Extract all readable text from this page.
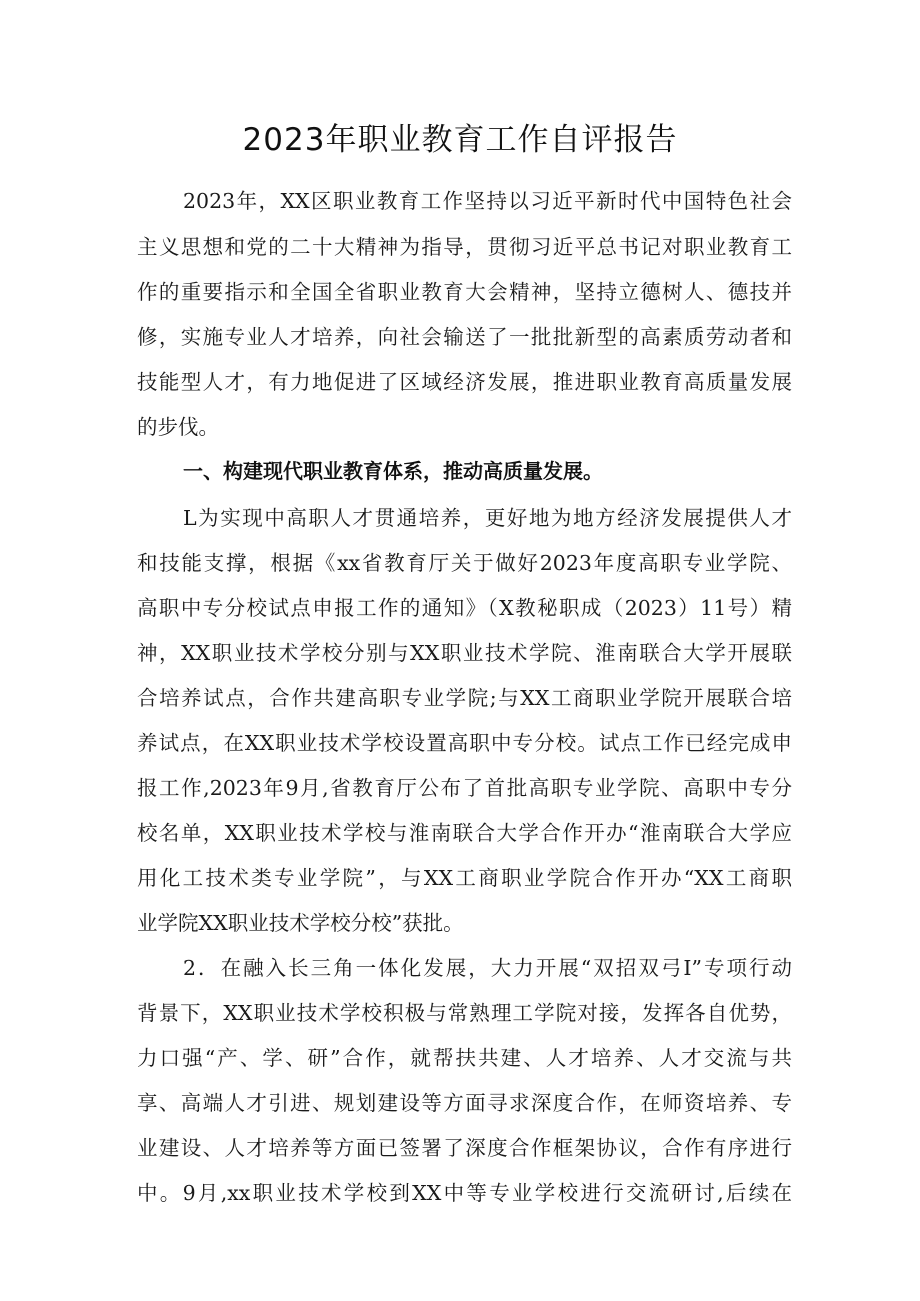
2023年职业教育工作自评报告
2023年，XX区职业教育工作坚持以习近平新时代中国特色社会
主义思想和党的二十大精神为指导，贯彻习近平总书记对职业教育工
作的重要指示和全国全省职业教育大会精神，坚持立德树人、德技并
修，实施专业人才培养，向社会输送了一批批新型的高素质劳动者和
技能型人才，有力地促进了区域经济发展，推进职业教育高质量发展
的步伐。
一、构建现代职业教育体系，推动高质量发展。
L为实现中高职人才贯通培养，更好地为地方经济发展提供人才
和技能支撑，根据《xx省教育厅关于做好2023年度高职专业学院、
高职中专分校试点申报工作的通知》（X教秘职成（2023）11号）精
神，XX职业技术学校分别与XX职业技术学院、淮南联合大学开展联
合培养试点，合作共建高职专业学院;与XX工商职业学院开展联合培
养试点，在XX职业技术学校设置高职中专分校。试点工作已经完成申
报工作,2023年9月,省教育厅公布了首批高职专业学院、高职中专分
校名单，XX职业技术学校与淮南联合大学合作开办“淮南联合大学应
用化工技术类专业学院”，与XX工商职业学院合作开办“XX工商职
业学院XX职业技术学校分校”获批。
2．在融入长三角一体化发展，大力开展“双招双弓I”专项行动
背景下，XX职业技术学校积极与常熟理工学院对接，发挥各自优势，
力口强“产、学、研”合作，就帮扶共建、人才培养、人才交流与共
享、高端人才引进、规划建设等方面寻求深度合作，在师资培养、专
业建设、人才培养等方面已签署了深度合作框架协议，合作有序进行
中。9月,xx职业技术学校到XX中等专业学校进行交流研讨,后续在
